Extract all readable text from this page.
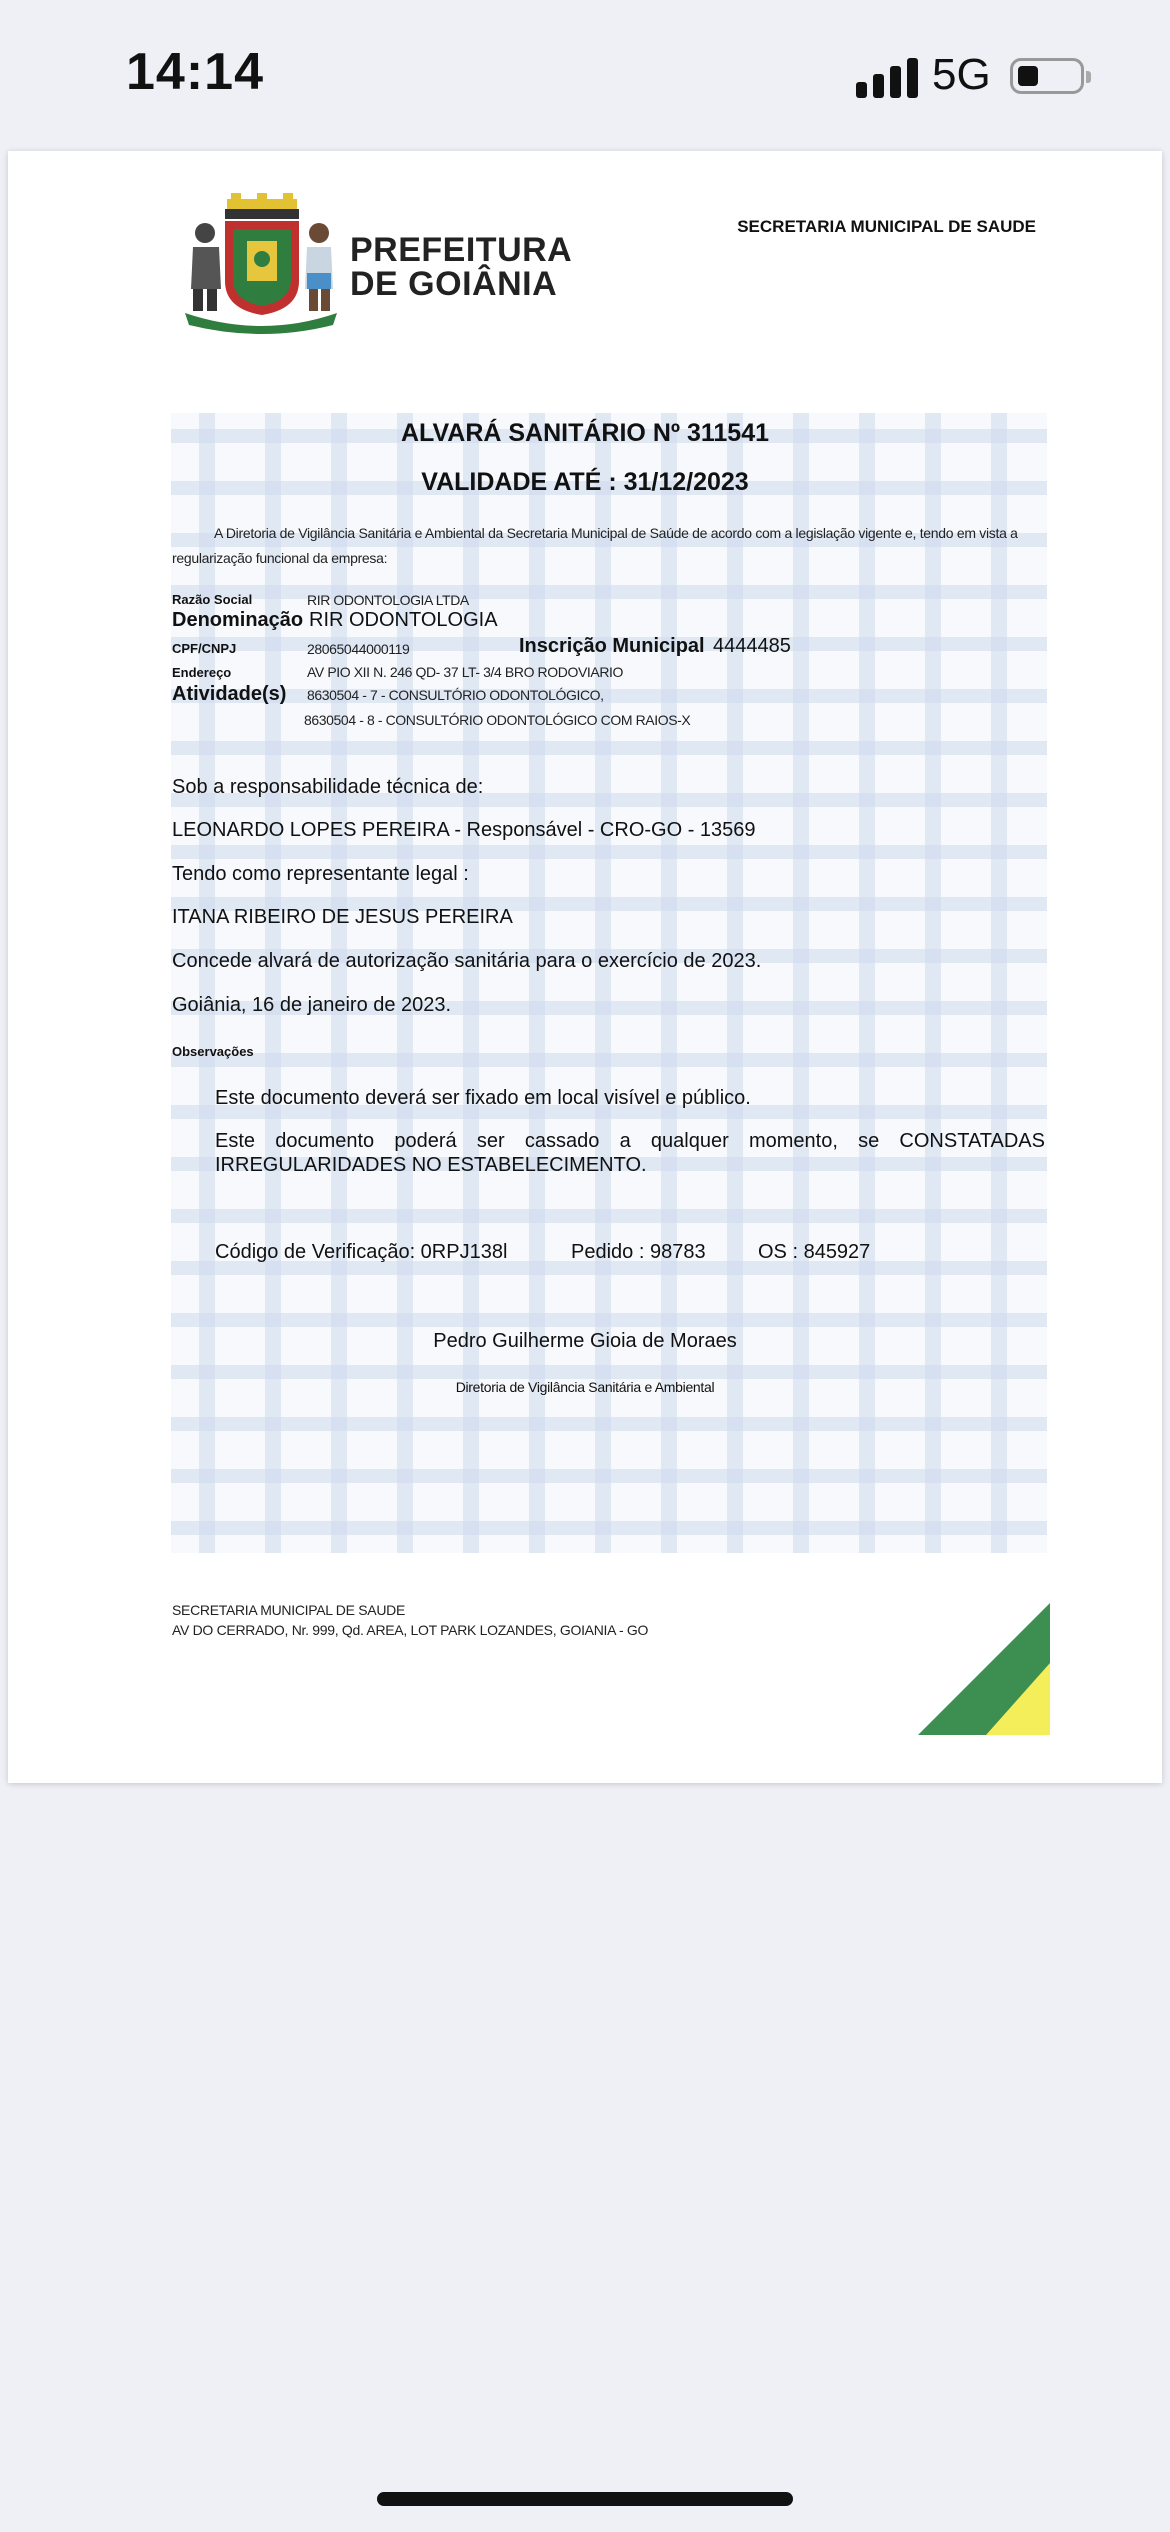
14:14	5G
PREFEITURA
DE GOIÂNIA
SECRETARIA MUNICIPAL DE SAUDE
ALVARÁ SANITÁRIO Nº 311541
VALIDADE ATÉ : 31/12/2023
A Diretoria de Vigilância Sanitária e Ambiental da Secretaria Municipal de Saúde de acordo com a legislação vigente e, tendo em vista a regularização funcional da empresa:
Razão Social	RIR ODONTOLOGIA LTDA
Denominação RIR ODONTOLOGIA
CPF/CNPJ	28065044000119	Inscrição Municipal 4444485
Endereço	AV PIO XII N. 246 QD- 37 LT- 3/4 BRO RODOVIARIO
Atividade(s) 8630504 - 7 - CONSULTÓRIO ODONTOLÓGICO,
8630504 - 8 - CONSULTÓRIO ODONTOLÓGICO COM RAIOS-X
Sob a responsabilidade técnica de:
LEONARDO LOPES PEREIRA - Responsável - CRO-GO - 13569
Tendo como representante legal :
ITANA RIBEIRO DE JESUS PEREIRA
Concede alvará de autorização sanitária para o exercício de 2023.
Goiânia, 16 de janeiro de 2023.
Observações
Este documento deverá ser fixado em local visível e público.
Este documento poderá ser cassado a qualquer momento, se CONSTATADAS IRREGULARIDADES NO ESTABELECIMENTO.
Código de Verificação: 0RPJ138l	Pedido : 98783	OS : 845927
Pedro Guilherme Gioia de Moraes
Diretoria de Vigilância Sanitária e Ambiental
SECRETARIA MUNICIPAL DE SAUDE
AV DO CERRADO, Nr. 999, Qd. AREA, LOT PARK LOZANDES, GOIANIA - GO
